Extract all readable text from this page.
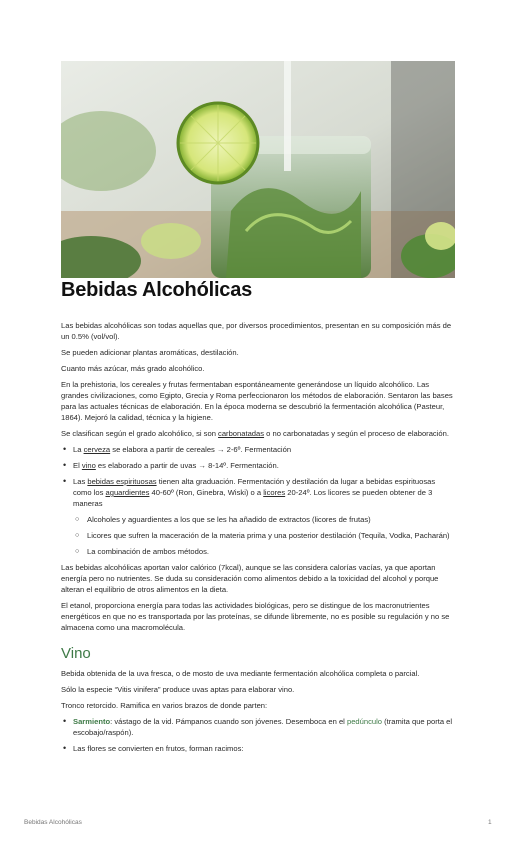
Bebidas Alcohólicas

Las bebidas alcohólicas son todas aquellas que, por diversos procedimientos, presentan en su composición más de un 0.5% (vol/vol).

Se pueden adicionar plantas aromáticas, destilación.

Cuanto más azúcar, más grado alcohólico.

En la prehistoria, los cereales y frutas fermentaban espontáneamente generándose un líquido alcohólico. Las grandes civilizaciones, como Egipto, Grecia y Roma perfeccionaron los métodos de elaboración. Sentaron las bases para las actuales técnicas de elaboración. En la época moderna se descubrió la fermentación alcohólica (Pasteur, 1864). Mejoró la calidad, técnica y la higiene.

Se clasifican según el grado alcohólico, si son carbonatadas o no carbonatadas y según el proceso de elaboración.

• La cerveza se elabora a partir de cereales → 2-6º. Fermentación
• El vino es elaborado a partir de uvas → 8-14º. Fermentación.
• Las bebidas espirituosas tienen alta graduación. Fermentación y destilación da lugar a bebidas espirituosas como los aguardientes 40-60º (Ron, Ginebra, Wiski) o a licores 20-24º. Los licores se pueden obtener de 3 maneras
○ Alcoholes y aguardientes a los que se les ha añadido de extractos (licores de frutas)
○ Licores que sufren la maceración de la materia prima y una posterior destilación (Tequila, Vodka, Pacharán)
○ La combinación de ambos métodos.

Las bebidas alcohólicas aportan valor calórico (7kcal), aunque se las considera calorías vacías, ya que aportan energía pero no nutrientes. Se duda su consideración como alimentos debido a la toxicidad del alcohol y porque alteran el equilibrio de otros alimentos en la dieta.

El etanol, proporciona energía para todas las actividades biológicas, pero se distingue de los macronutrientes energéticos en que no es transportada por las proteínas, se difunde libremente, no es posible su regulación y no se almacena como una macromolécula.

Vino

Bebida obtenida de la uva fresca, o de mosto de uva mediante fermentación alcohólica completa o parcial.

Sólo la especie “Vitis vinifera” produce uvas aptas para elaborar vino.

Tronco retorcido. Ramifica en varios brazos de donde parten:

• Sarmiento: vástago de la vid. Pámpanos cuando son jóvenes. Desemboca en el pedúnculo (tramita que porta el escobajo/raspón).
• Las flores se convierten en frutos, forman racimos:
Bebidas Alcohólicas	1
